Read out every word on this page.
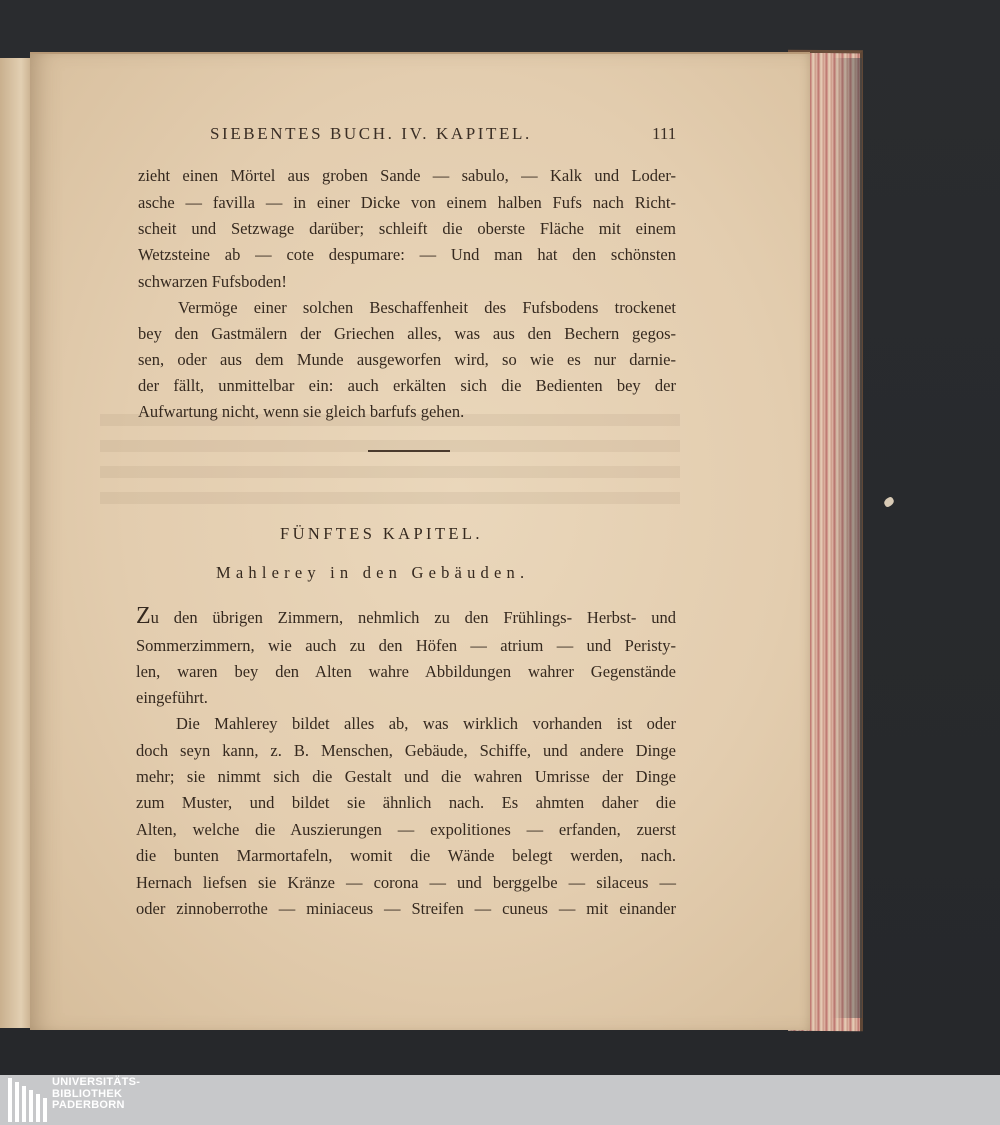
SIEBENTES BUCH. IV. KAPITEL.	111
zieht einen Mörtel aus groben Sande — sabulo, — Kalk und Loder-
asche — favilla — in einer Dicke von einem halben Fufs nach Richt-
scheit und Setzwage darüber; schleift die oberste Fläche mit einem
Wetzsteine ab — cote despumare: — Und man hat den schönsten
schwarzen Fufsboden!
Vermöge einer solchen Beschaffenheit des Fufsbodens trockenet
bey den Gastmälern der Griechen alles, was aus den Bechern gegos-
sen, oder aus dem Munde ausgeworfen wird, so wie es nur darnie-
der fällt, unmittelbar ein: auch erkälten sich die Bedienten bey der
Aufwartung nicht, wenn sie gleich barfufs gehen.
FÜNFTES KAPITEL.
Mahlerey in den Gebäuden.
Zu den übrigen Zimmern, nehmlich zu den Frühlings- Herbst- und
Sommerzimmern, wie auch zu den Höfen — atrium — und Peristy-
len, waren bey den Alten wahre Abbildungen wahrer Gegenstände
eingeführt.
Die Mahlerey bildet alles ab, was wirklich vorhanden ist oder
doch seyn kann, z. B. Menschen, Gebäude, Schiffe, und andere Dinge
mehr; sie nimmt sich die Gestalt und die wahren Umrisse der Dinge
zum Muster, und bildet sie ähnlich nach. Es ahmten daher die
Alten, welche die Auszierungen — expolitiones — erfanden, zuerst
die bunten Marmortafeln, womit die Wände belegt werden, nach.
Hernach liefsen sie Kränze — corona — und berggelbe — silaceus —
oder zinnoberrothe — miniaceus — Streifen — cuneus — mit einander
UNIVERSITÄTS-
BIBLIOTHEK
PADERBORN
